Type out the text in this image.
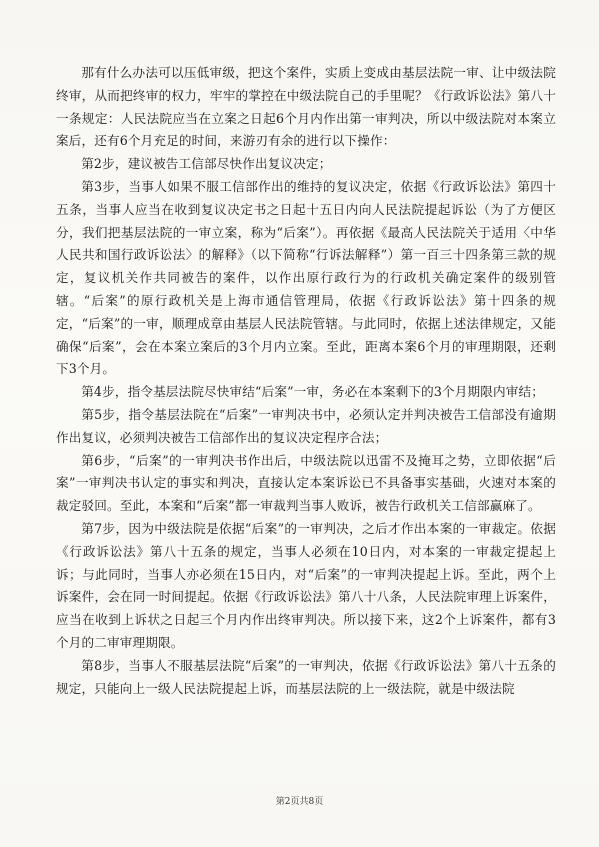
那有什么办法可以压低审级，把这个案件，实质上变成由基层法院一审、让中级法院终审，从而把终审的权力，牢牢的掌控在中级法院自己的手里呢？《行政诉讼法》第八十一条规定：人民法院应当在立案之日起6个月内作出第一审判决，所以中级法院对本案立案后，还有6个月充足的时间，来游刃有余的进行以下操作：

第2步，建议被告工信部尽快作出复议决定；

第3步，当事人如果不服工信部作出的维持的复议决定，依据《行政诉讼法》第四十五条，当事人应当在收到复议决定书之日起十五日内向人民法院提起诉讼（为了方便区分，我们把基层法院的一审立案，称为“后案”）。再依据《最高人民法院关于适用〈中华人民共和国行政诉讼法〉的解释》（以下简称“行诉法解释”）第一百三十四条第三款的规定，复议机关作共同被告的案件，以作出原行政行为的行政机关确定案件的级别管辖。“后案”的原行政机关是上海市通信管理局，依据《行政诉讼法》第十四条的规定，“后案”的一审，顺理成章由基层人民法院管辖。与此同时，依据上述法律规定，又能确保“后案”，会在本案立案后的3个月内立案。至此，距离本案6个月的审理期限，还剩下3个月。

第4步，指令基层法院尽快审结“后案”一审，务必在本案剩下的3个月期限内审结；

第5步，指令基层法院在“后案”一审判决书中，必须认定并判决被告工信部没有逾期作出复议，必须判决被告工信部作出的复议决定程序合法；

第6步，“后案”的一审判决书作出后，中级法院以迅雷不及掩耳之势，立即依据“后案”一审判决书认定的事实和判决，直接认定本案诉讼已不具备事实基础，火速对本案的裁定驳回。至此，本案和“后案”都一审裁判当事人败诉，被告行政机关工信部赢麻了。

第7步，因为中级法院是依据“后案”的一审判决，之后才作出本案的一审裁定。依据《行政诉讼法》第八十五条的规定，当事人必须在10日内，对本案的一审裁定提起上诉；与此同时，当事人亦必须在15日内，对“后案”的一审判决提起上诉。至此，两个上诉案件，会在同一时间提起。依据《行政诉讼法》第八十八条，人民法院审理上诉案件，应当在收到上诉状之日起三个月内作出终审判决。所以接下来，这2个上诉案件，都有3个月的二审审理期限。

第8步，当事人不服基层法院“后案”的一审判决，依据《行政诉讼法》第八十五条的规定，只能向上一级人民法院提起上诉，而基层法院的上一级法院，就是中级法院

第2页共8页
